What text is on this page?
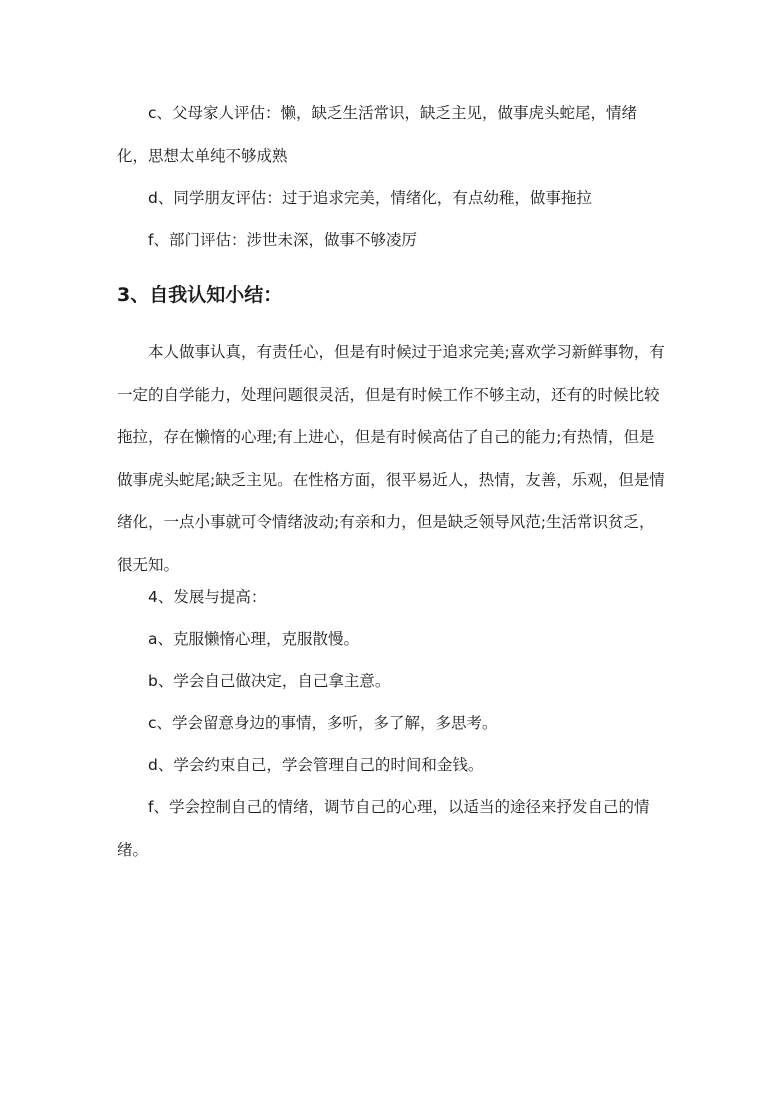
c、父母家人评估：懒，缺乏生活常识，缺乏主见，做事虎头蛇尾，情绪化，思想太单纯不够成熟

d、同学朋友评估：过于追求完美，情绪化，有点幼稚，做事拖拉

f、部门评估：涉世未深，做事不够凌厉

3、自我认知小结：

本人做事认真，有责任心，但是有时候过于追求完美;喜欢学习新鲜事物，有一定的自学能力，处理问题很灵活，但是有时候工作不够主动，还有的时候比较拖拉，存在懒惰的心理;有上进心，但是有时候高估了自己的能力;有热情，但是做事虎头蛇尾;缺乏主见。在性格方面，很平易近人，热情，友善，乐观，但是情绪化，一点小事就可令情绪波动;有亲和力，但是缺乏领导风范;生活常识贫乏，很无知。

4、发展与提高：

a、克服懒惰心理，克服散慢。

b、学会自己做决定，自己拿主意。

c、学会留意身边的事情，多听，多了解，多思考。

d、学会约束自己，学会管理自己的时间和金钱。

f、学会控制自己的情绪，调节自己的心理，以适当的途径来抒发自己的情绪。
